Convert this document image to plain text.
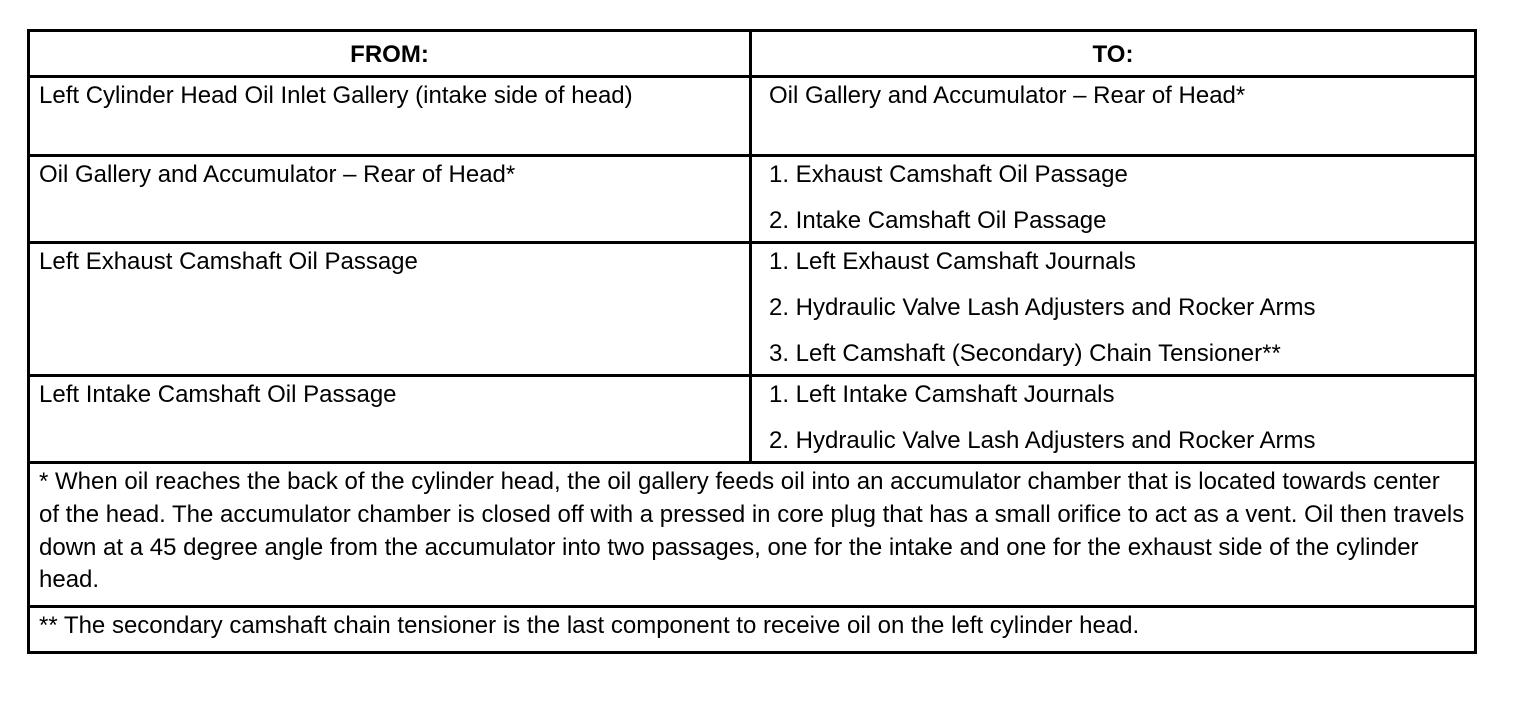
FROM:	TO:
Left Cylinder Head Oil Inlet Gallery (intake side of head)	Oil Gallery and Accumulator – Rear of Head*

Oil Gallery and Accumulator – Rear of Head*	1. Exhaust Camshaft Oil Passage
2. Intake Camshaft Oil Passage

Left Exhaust Camshaft Oil Passage	1. Left Exhaust Camshaft Journals
2. Hydraulic Valve Lash Adjusters and Rocker Arms
3. Left Camshaft (Secondary) Chain Tensioner**

Left Intake Camshaft Oil Passage	1. Left Intake Camshaft Journals
2. Hydraulic Valve Lash Adjusters and Rocker Arms

* When oil reaches the back of the cylinder head, the oil gallery feeds oil into an accumulator chamber that is located towards center of the head. The accumulator chamber is closed off with a pressed in core plug that has a small orifice to act as a vent. Oil then travels down at a 45 degree angle from the accumulator into two passages, one for the intake and one for the exhaust side of the cylinder head.	
** The secondary camshaft chain tensioner is the last component to receive oil on the left cylinder head.	
